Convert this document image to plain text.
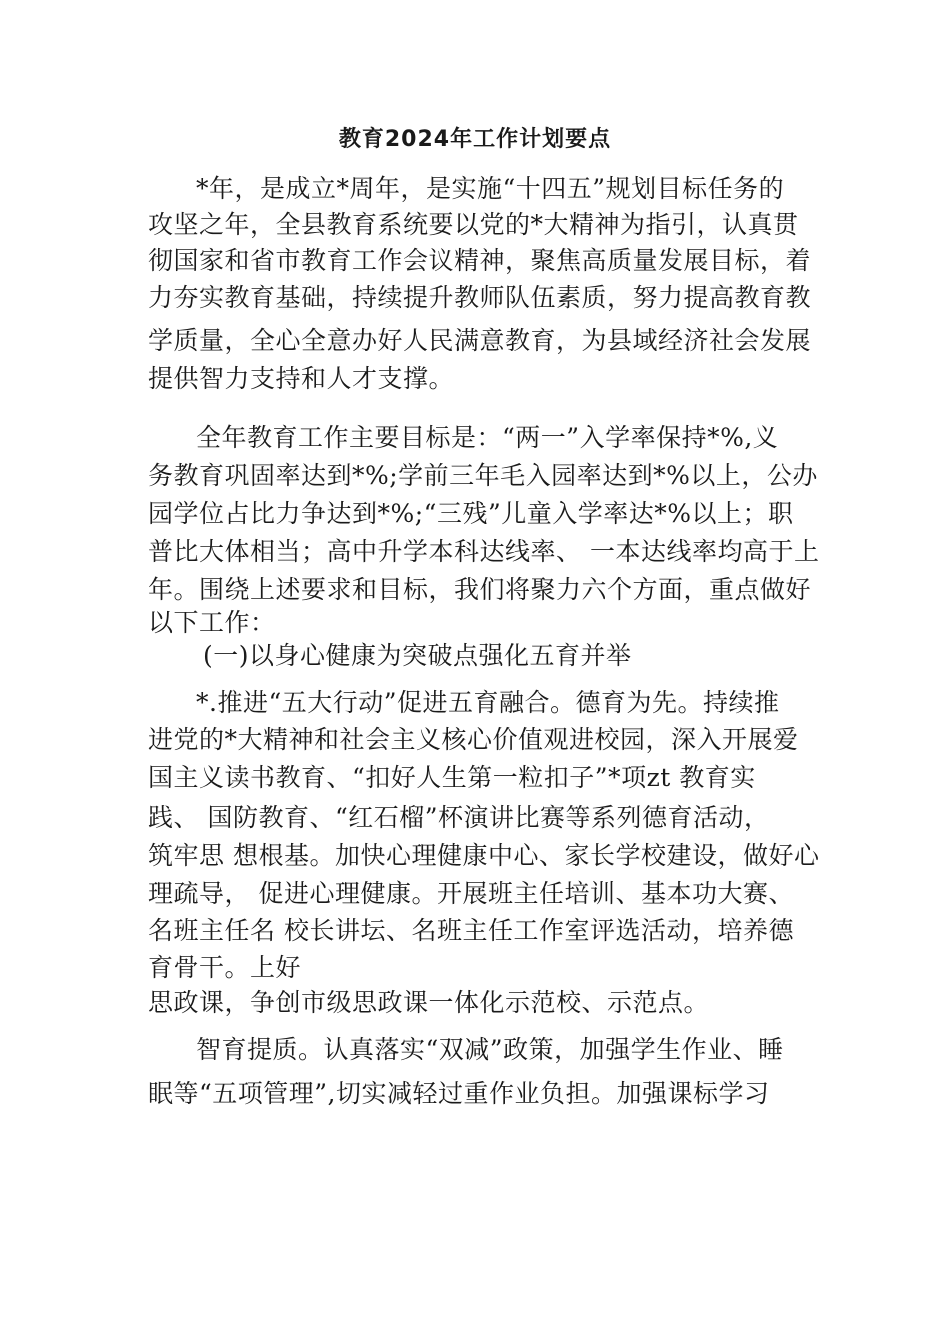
教育2024年工作计划要点
*年，是成立*周年，是实施“十四五”规划目标任务的
攻坚之年，全县教育系统要以党的*大精神为指引，认真贯
彻国家和省市教育工作会议精神，聚焦高质量发展目标，着
力夯实教育基础，持续提升教师队伍素质，努力提高教育教
学质量，全心全意办好人民满意教育，为县域经济社会发展
提供智力支持和人才支撑。
全年教育工作主要目标是：“两一”入学率保持*%,义
务教育巩固率达到*%;学前三年毛入园率达到*%以上，公办
园学位占比力争达到*%;“三残”儿童入学率达*%以上；职
普比大体相当；高中升学本科达线率、 一本达线率均高于上
年。围绕上述要求和目标，我们将聚力六个方面，重点做好
以下工作：
(一)以身心健康为突破点强化五育并举
*.推进“五大行动”促进五育融合。德育为先。持续推
进党的*大精神和社会主义核心价值观进校园，深入开展爱
国主义读书教育、“扣好人生第一粒扣子”*项zt 教育实
践、 国防教育、“红石榴”杯演讲比赛等系列德育活动，
筑牢思 想根基。加快心理健康中心、家长学校建设，做好心
理疏导， 促进心理健康。开展班主任培训、基本功大赛、
名班主任名 校长讲坛、名班主任工作室评选活动，培养德
育骨干。上好
思政课，争创市级思政课一体化示范校、示范点。
智育提质。认真落实“双减”政策，加强学生作业、睡
眠等“五项管理”,切实减轻过重作业负担。加强课标学习
